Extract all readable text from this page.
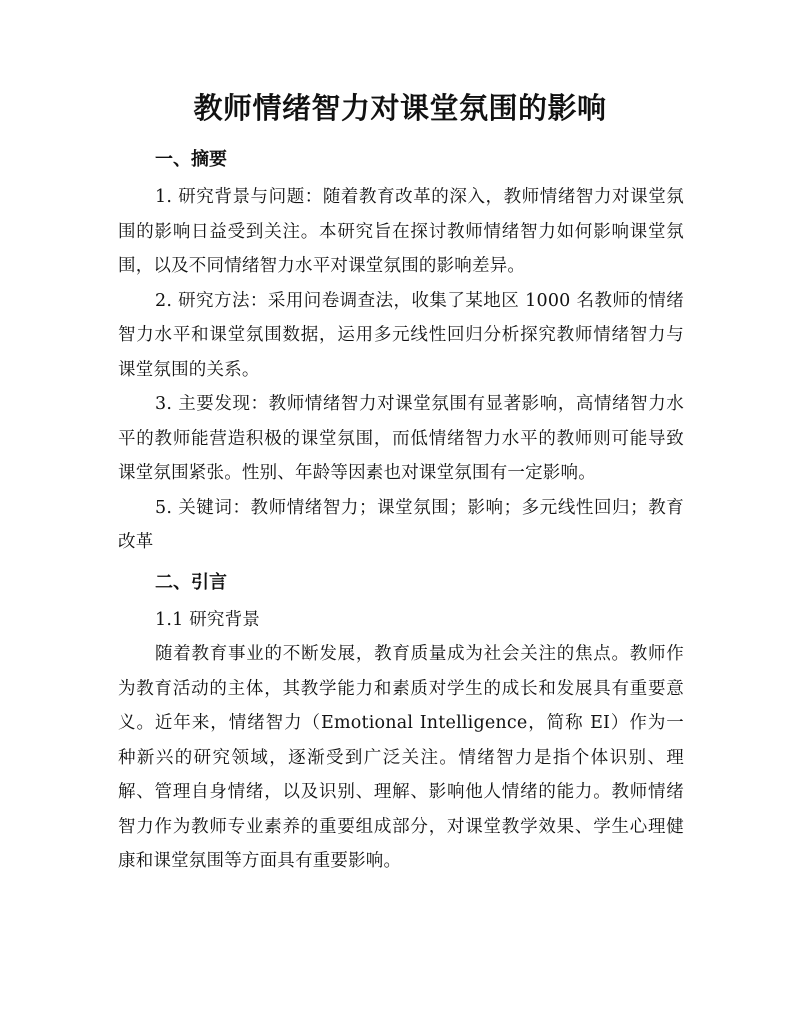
教师情绪智力对课堂氛围的影响
一、摘要

1. 研究背景与问题：随着教育改革的深入，教师情绪智力对课堂氛围的影响日益受到关注。本研究旨在探讨教师情绪智力如何影响课堂氛围，以及不同情绪智力水平对课堂氛围的影响差异。

2. 研究方法：采用问卷调查法，收集了某地区 1000 名教师的情绪智力水平和课堂氛围数据，运用多元线性回归分析探究教师情绪智力与课堂氛围的关系。

3. 主要发现：教师情绪智力对课堂氛围有显著影响，高情绪智力水平的教师能营造积极的课堂氛围，而低情绪智力水平的教师则可能导致课堂氛围紧张。性别、年龄等因素也对课堂氛围有一定影响。

5. 关键词：教师情绪智力；课堂氛围；影响；多元线性回归；教育改革

二、引言

1.1 研究背景

随着教育事业的不断发展，教育质量成为社会关注的焦点。教师作为教育活动的主体，其教学能力和素质对学生的成长和发展具有重要意义。近年来，情绪智力（Emotional Intelligence，简称 EI）作为一种新兴的研究领域，逐渐受到广泛关注。情绪智力是指个体识别、理解、管理自身情绪，以及识别、理解、影响他人情绪的能力。教师情绪智力作为教师专业素养的重要组成部分，对课堂教学效果、学生心理健康和课堂氛围等方面具有重要影响。
